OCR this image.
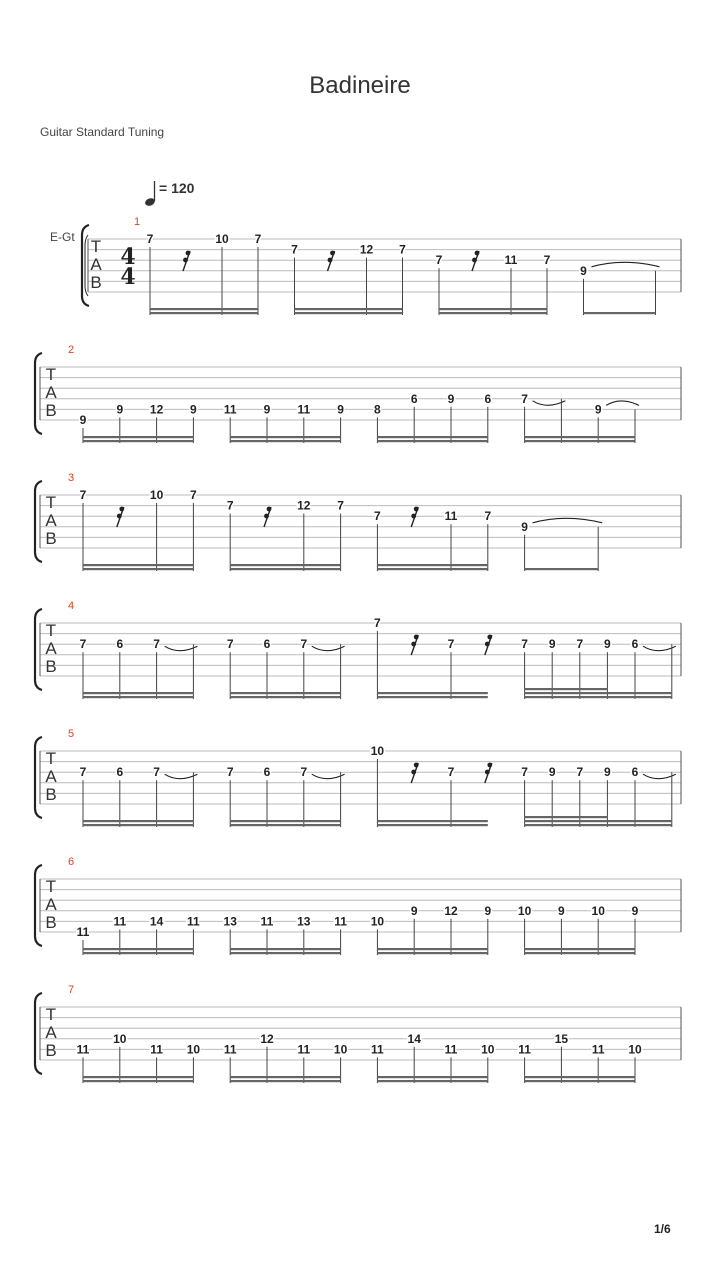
Badineire
Guitar Standard Tuning
= 120
E-Gt T
A
B
4
4
1
7	10 7
7	12 7
7	11 7
9
T
A
B
2
9
9 12 9 11 9 11 9	8
6	9	6	7
9
T
A
B
3
7	10 7
7	12 7
7	11 7
9
T
A
B
4
7	6	7	7	6	7
7
7	7 9 7 9 6
T
A
B
5
7	6	7	7	6	7
10
7	7 9 7 9 6
T
A
B
6
11
11 14 11 13 11 13 11 10
9 12 9 10 9 10 9
T
A
B
7
11
10
11 10 11
12
11 10 11
14
11 10 11
15
11 10
1/6
